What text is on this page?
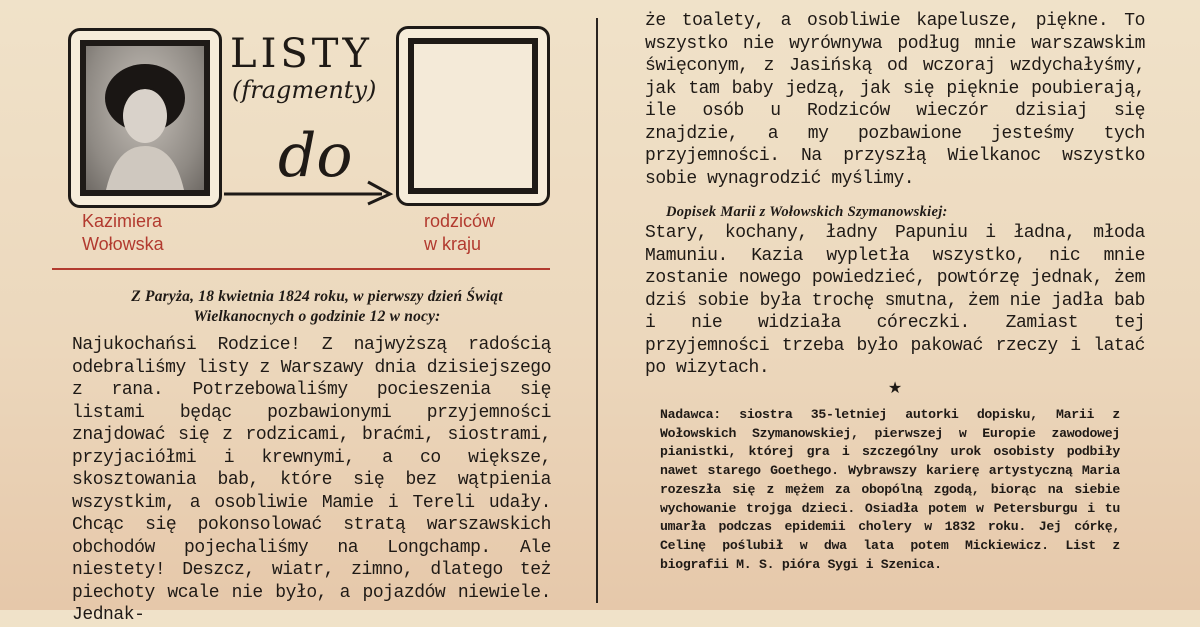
LISTY
(fragmenty)
do
Kazimiera
Wołowska
rodziców
w kraju
Z Paryża, 18 kwietnia 1824 roku, w pierwszy dzień Świąt Wielkanocnych o godzinie 12 w nocy:

Najukochańsi Rodzice! Z najwyższą radością odebraliśmy listy z Warszawy dnia dzisiejszego z rana. Potrzebowaliśmy pocieszenia się listami będąc pozbawionymi przyjemności znajdować się z rodzicami, braćmi, siostrami, przyjaciółmi i krewnymi, a co większe, skosztowania bab, które się bez wątpienia wszystkim, a osobliwie Mamie i Tereli udały. Chcąc się pokonsolować stratą warszawskich obchodów pojechaliśmy na Longchamp. Ale niestety! Deszcz, wiatr, zimno, dlatego też piechoty wcale nie było, a pojazdów niewiele. Jednak-

że toalety, a osobliwie kapelusze, piękne. To wszystko nie wyrównywa podług mnie warszawskim święconym, z Jasińską od wczoraj wzdychałyśmy, jak tam baby jedzą, jak się pięknie poubierają, ile osób u Rodziców wieczór dzisiaj się znajdzie, a my pozbawione jesteśmy tych przyjemności. Na przyszłą Wielkanoc wszystko sobie wynagrodzić myślimy.

Dopisek Marii z Wołowskich Szymanowskiej:

Stary, kochany, ładny Papuniu i ładna, młoda Mamuniu. Kazia wypletła wszystko, nic mnie zostanie nowego powiedzieć, powtórzę jednak, żem dziś sobie była trochę smutna, żem nie jadła bab i nie widziała córeczki. Zamiast tej przyjemności trzeba było pakować rzeczy i latać po wizytach.

★

Nadawca: siostra 35-letniej autorki dopisku, Marii z Wołowskich Szymanowskiej, pierwszej w Europie zawodowej pianistki, której gra i szczególny urok osobisty podbiły nawet starego Goethego. Wybrawszy karierę artystyczną Maria rozeszła się z mężem za obopólną zgodą, biorąc na siebie wychowanie trojga dzieci. Osiadła potem w Petersburgu i tu umarła podczas epidemii cholery w 1832 roku. Jej córkę, Celinę poślubił w dwa lata potem Mickiewicz. List z biografii M. S. pióra Sygi i Szenica.
